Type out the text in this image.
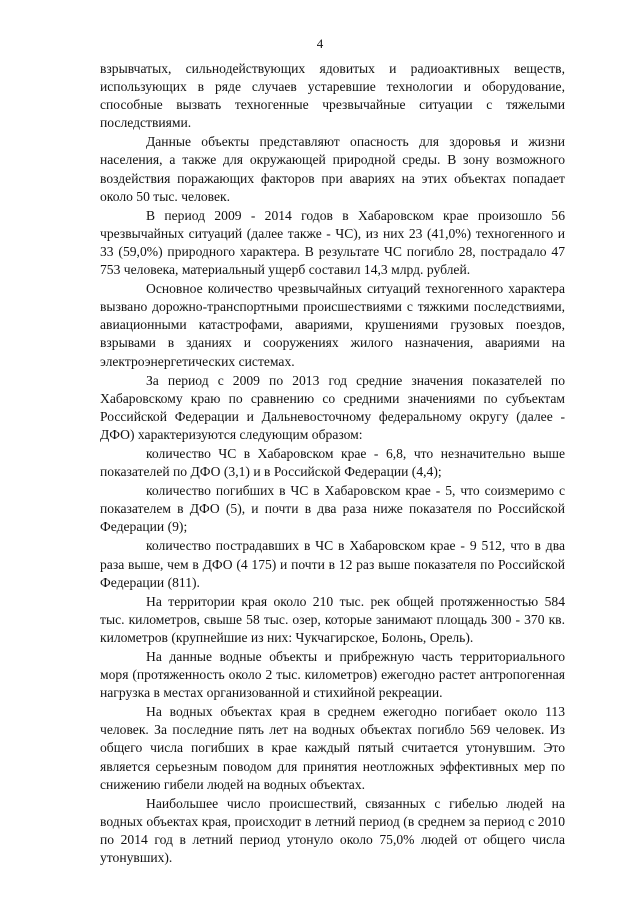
4

взрывчатых, сильнодействующих ядовитых и радиоактивных веществ, использующих в ряде случаев устаревшие технологии и оборудование, способные вызвать техногенные чрезвычайные ситуации с тяжелыми последствиями.

Данные объекты представляют опасность для здоровья и жизни населения, а также для окружающей природной среды. В зону возможного воздействия поражающих факторов при авариях на этих объектах попадает около 50 тыс. человек.

В период 2009 - 2014 годов в Хабаровском крае произошло 56 чрезвычайных ситуаций (далее также - ЧС), из них 23 (41,0%) техногенного и 33 (59,0%) природного характера. В результате ЧС погибло 28, пострадало 47 753 человека, материальный ущерб составил 14,3 млрд. рублей.

Основное количество чрезвычайных ситуаций техногенного характера вызвано дорожно-транспортными происшествиями с тяжкими последствиями, авиационными катастрофами, авариями, крушениями грузовых поездов, взрывами в зданиях и сооружениях жилого назначения, авариями на электроэнергетических системах.

За период с 2009 по 2013 год средние значения показателей по Хабаровскому краю по сравнению со средними значениями по субъектам Российской Федерации и Дальневосточному федеральному округу (далее - ДФО) характеризуются следующим образом:

количество ЧС в Хабаровском крае - 6,8, что незначительно выше показателей по ДФО (3,1) и в Российской Федерации (4,4);

количество погибших в ЧС в Хабаровском крае - 5, что соизмеримо с показателем в ДФО (5), и почти в два раза ниже показателя по Российской Федерации (9);

количество пострадавших в ЧС в Хабаровском крае - 9 512, что в два раза выше, чем в ДФО (4 175) и почти в 12 раз выше показателя по Российской Федерации (811).

На территории края около 210 тыс. рек общей протяженностью 584 тыс. километров, свыше 58 тыс. озер, которые занимают площадь 300 - 370 кв. километров (крупнейшие из них: Чукчагирское, Болонь, Орель).

На данные водные объекты и прибрежную часть территориального моря (протяженность около 2 тыс. километров) ежегодно растет антропогенная нагрузка в местах организованной и стихийной рекреации.

На водных объектах края в среднем ежегодно погибает около 113 человек. За последние пять лет на водных объектах погибло 569 человек. Из общего числа погибших в крае каждый пятый считается утонувшим. Это является серьезным поводом для принятия неотложных эффективных мер по снижению гибели людей на водных объектах.

Наибольшее число происшествий, связанных с гибелью людей на водных объектах края, происходит в летний период (в среднем за период с 2010 по 2014 год в летний период утонуло около 75,0% людей от общего числа утонувших).
